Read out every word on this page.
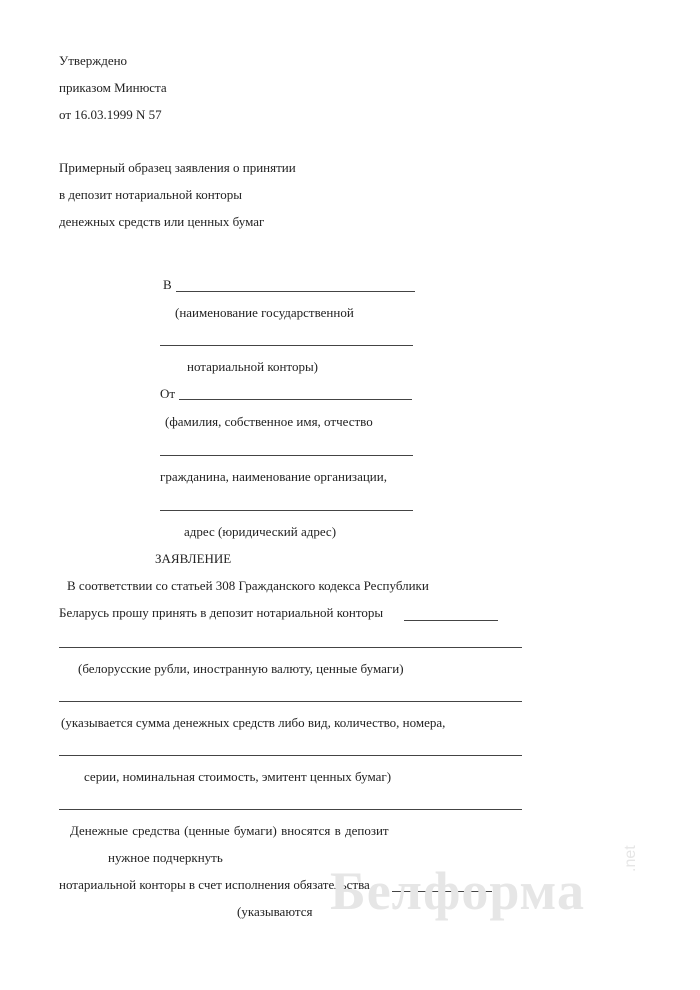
Утверждено
приказом Минюста
от 16.03.1999 N 57
Примерный образец заявления о принятии
в депозит нотариальной конторы
денежных средств или ценных бумаг
В
(наименование государственной
нотариальной конторы)
От
(фамилия, собственное имя, отчество
гражданина, наименование организации,
адрес (юридический адрес)
ЗАЯВЛЕНИЕ
В соответствии со статьей 308 Гражданского кодекса Республики
Беларусь прошу принять в депозит нотариальной конторы
(белорусские рубли, иностранную валюту, ценные бумаги)
(указывается сумма денежных средств либо вид, количество, номера,
серии, номинальная стоимость, эмитент ценных бумаг)
Денежные средства (ценные бумаги) вносятся в депозит
нужное подчеркнуть
нотариальной конторы в счет исполнения обязательства
(указываются Белформа
.net
